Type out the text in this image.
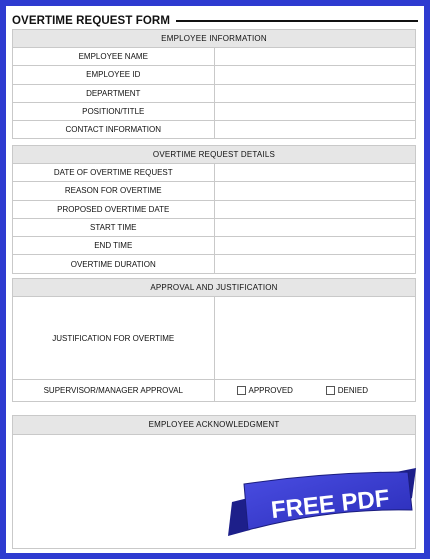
OVERTIME REQUEST FORM
EMPLOYEE INFORMATION	
EMPLOYEE NAME	
EMPLOYEE ID	
DEPARTMENT	
POSITION/TITLE	
CONTACT INFORMATION	
OVERTIME REQUEST DETAILS	
DATE OF OVERTIME REQUEST	
REASON FOR OVERTIME	
PROPOSED OVERTIME DATE	
START TIME	
END TIME	
OVERTIME DURATION	
APPROVAL AND JUSTIFICATION	
JUSTIFICATION FOR OVERTIME	
SUPERVISOR/MANAGER APPROVAL	APPROVED DENIED
EMPLOYEE ACKNOWLEDGMENT
FREE PDF
